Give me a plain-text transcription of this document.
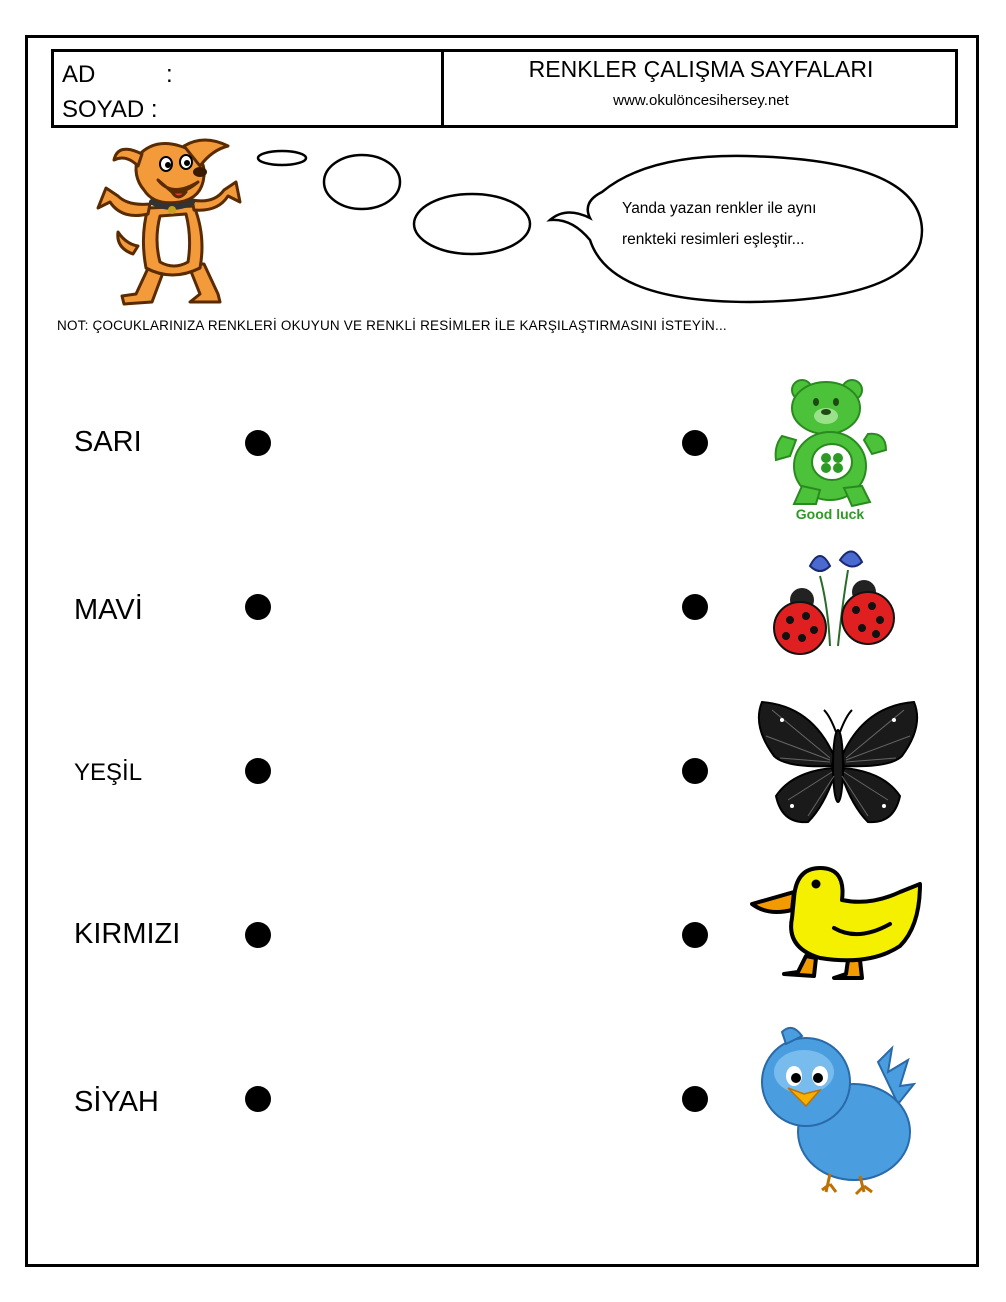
AD	:
SOYAD :
RENKLER ÇALIŞMA SAYFALARI
www.okulöncesihersey.net
Yanda yazan renkler ile aynı
renkteki resimleri eşleştir...
NOT: ÇOCUKLARINIZA RENKLERİ OKUYUN VE RENKLİ RESİMLER İLE KARŞILAŞTIRMASINI İSTEYİN...
SARI
MAVİ
YEŞİL
KIRMIZI
SİYAH
Good luck
